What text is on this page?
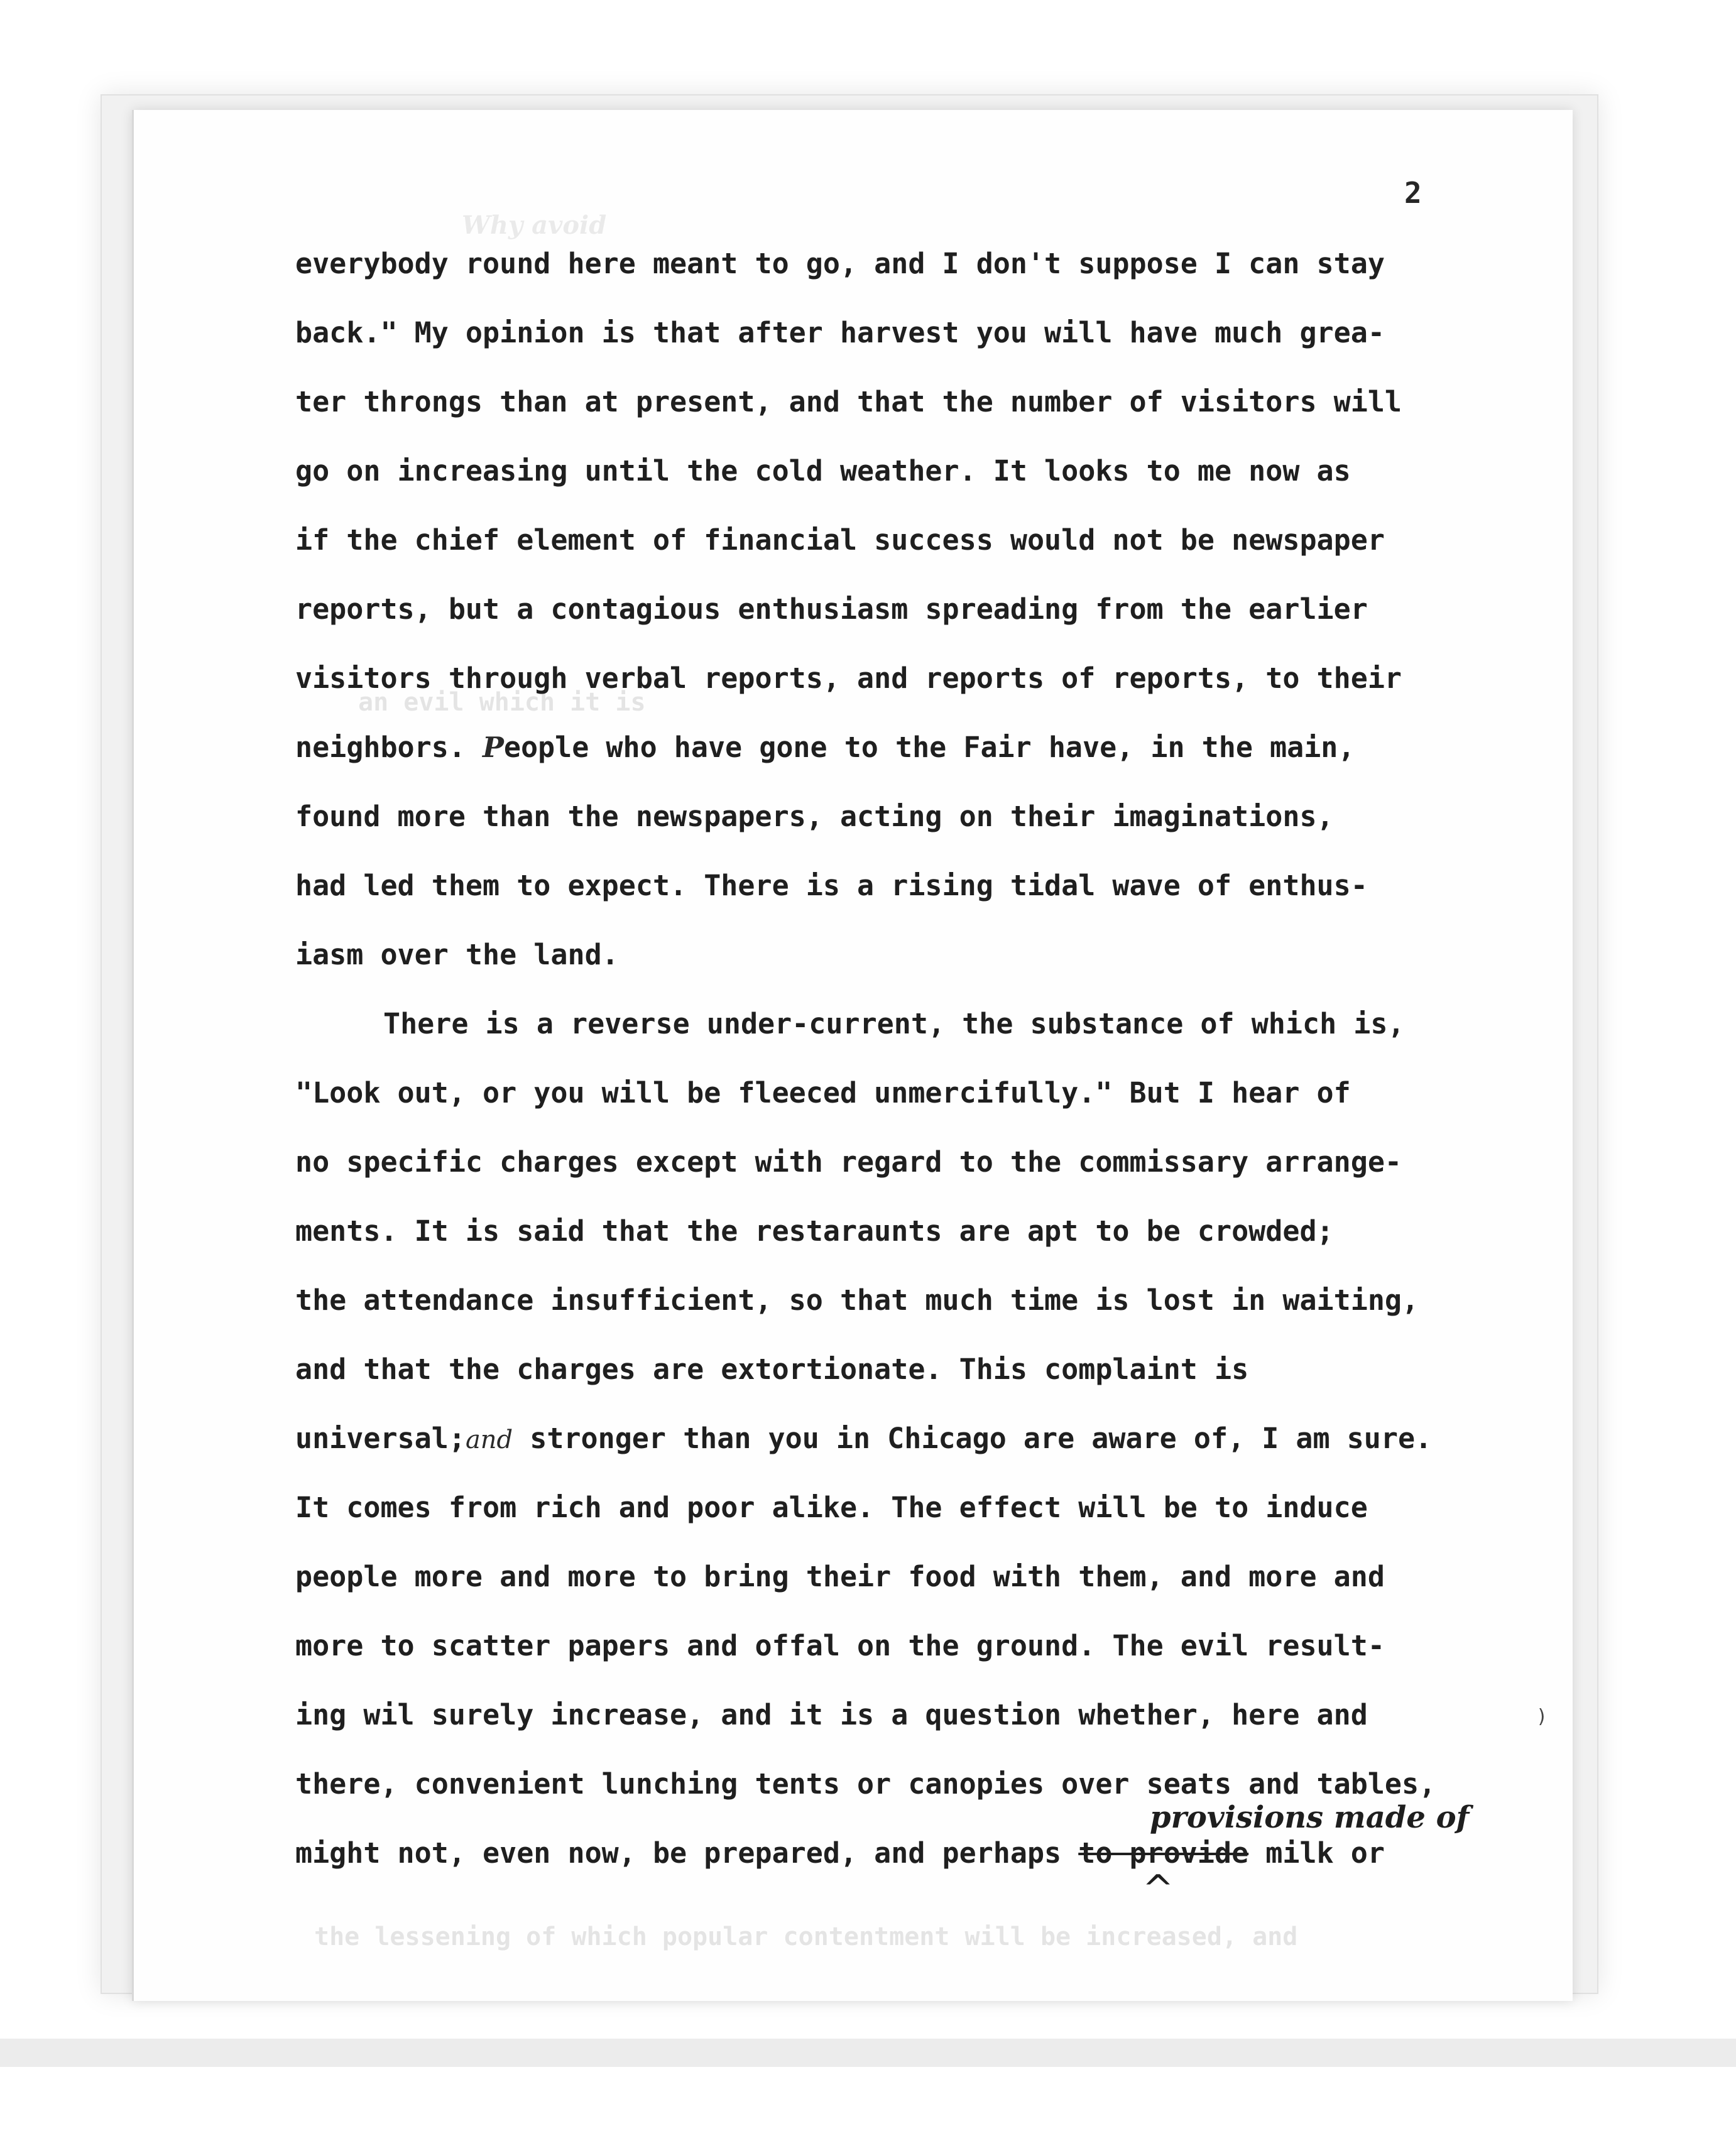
Why avoid
an evil which it is
the lessening of which popular contentment will be increased, and
2
everybody round here meant to go, and I don't suppose I can stay
back." My opinion is that after harvest you will have much grea-
ter throngs than at present, and that the number of visitors will
go on increasing until the cold weather. It looks to me now as
if the chief element of financial success would not be newspaper
reports, but a contagious enthusiasm spreading from the earlier
visitors through verbal reports, and reports of reports, to their
neighbors. People who have gone to the Fair have, in the main,
found more than the newspapers, acting on their imaginations,
had led them to expect. There is a rising tidal wave of enthus-
iasm over the land.
There is a reverse under-current, the substance of which is,
"Look out, or you will be fleeced unmercifully." But I hear of
no specific charges except with regard to the commissary arrange-
ments. It is said that the restaraunts are apt to be crowded;
the attendance insufficient, so that much time is lost in waiting,
and that the charges are extortionate. This complaint is
universal;and stronger than you in Chicago are aware of, I am sure.
It comes from rich and poor alike. The effect will be to induce
people more and more to bring their food with them, and more and
more to scatter papers and offal on the ground. The evil result-
ing wil surely increase, and it is a question whether, here and
there, convenient lunching tents or canopies over seats and tables,
might not, even now, be prepared, and perhaps to provide milk or
provisions made of
^
)
